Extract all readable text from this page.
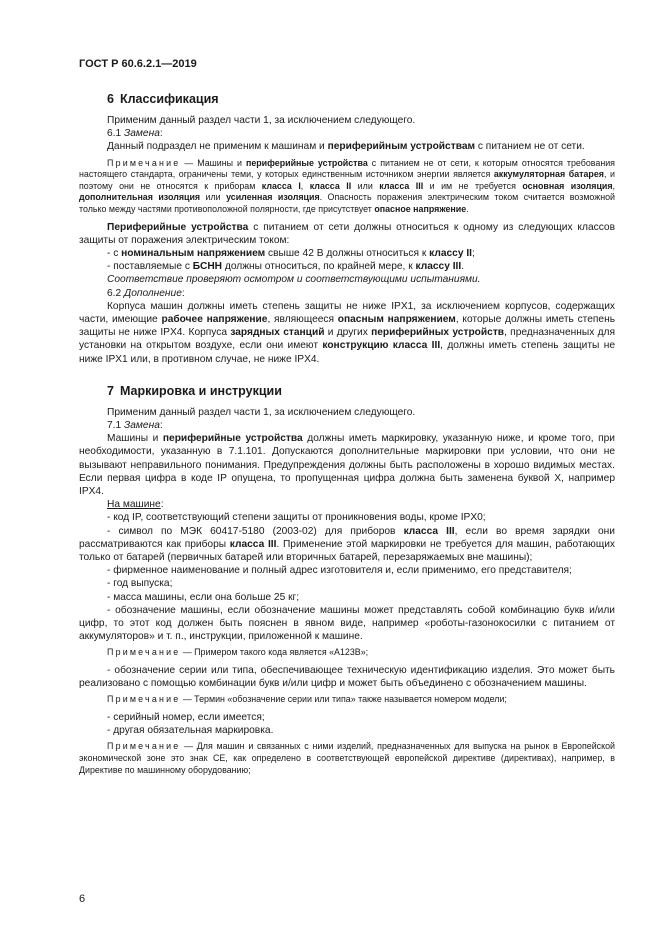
ГОСТ Р 60.6.2.1—2019
6 Классификация

Применим данный раздел части 1, за исключением следующего.

6.1 Замена:

Данный подраздел не применим к машинам и периферийным устройствам с питанием не от сети.

Примечание — Машины и периферийные устройства с питанием не от сети, к которым относятся требования настоящего стандарта, ограничены теми, у которых единственным источником энергии является аккумуляторная батарея, и поэтому они не относятся к приборам класса I, класса II или класса III и им не требуется основная изоляция, дополнительная изоляция или усиленная изоляция. Опасность поражения электрическим током считается возможной только между частями противоположной полярности, где присутствует опасное напряжение.

Периферийные устройства с питанием от сети должны относиться к одному из следующих классов защиты от поражения электрическим током:

- с номинальным напряжением свыше 42 В должны относиться к классу II;

- поставляемые с БСНН должны относиться, по крайней мере, к классу III.

Соответствие проверяют осмотром и соответствующими испытаниями.

6.2 Дополнение:

Корпуса машин должны иметь степень защиты не ниже IPX1, за исключением корпусов, содержащих части, имеющие рабочее напряжение, являющееся опасным напряжением, которые должны иметь степень защиты не ниже IPX4. Корпуса зарядных станций и других периферийных устройств, предназначенных для установки на открытом воздухе, если они имеют конструкцию класса III, должны иметь степень защиты не ниже IPX1 или, в противном случае, не ниже IPX4.

7 Маркировка и инструкции

Применим данный раздел части 1, за исключением следующего.

7.1 Замена:

Машины и периферийные устройства должны иметь маркировку, указанную ниже, и кроме того, при необходимости, указанную в 7.1.101. Допускаются дополнительные маркировки при условии, что они не вызывают неправильного понимания. Предупреждения должны быть расположены в хорошо видимых местах. Если первая цифра в коде IP опущена, то пропущенная цифра должна быть заменена буквой X, например IPX4.

На машине:

- код IP, соответствующий степени защиты от проникновения воды, кроме IPX0;

- символ по МЭК 60417-5180 (2003-02) для приборов класса III, если во время зарядки они рассматриваются как приборы класса III. Применение этой маркировки не требуется для машин, работающих только от батарей (первичных батарей или вторичных батарей, перезаряжаемых вне машины);

- фирменное наименование и полный адрес изготовителя и, если применимо, его представителя;

- год выпуска;

- масса машины, если она больше 25 кг;

- обозначение машины, если обозначение машины может представлять собой комбинацию букв и/или цифр, то этот код должен быть пояснен в явном виде, например «роботы-газонокосилки с питанием от аккумуляторов» и т. п., инструкции, приложенной к машине.

Примечание — Примером такого кода является «A123B»;

- обозначение серии или типа, обеспечивающее техническую идентификацию изделия. Это может быть реализовано с помощью комбинации букв и/или цифр и может быть объединено с обозначением машины.

Примечание — Термин «обозначение серии или типа» также называется номером модели;

- серийный номер, если имеется;

- другая обязательная маркировка.

Примечание — Для машин и связанных с ними изделий, предназначенных для выпуска на рынок в Европейской экономической зоне это знак CE, как определено в соответствующей европейской директиве (директивах), например, в Директиве по машинному оборудованию;
6
